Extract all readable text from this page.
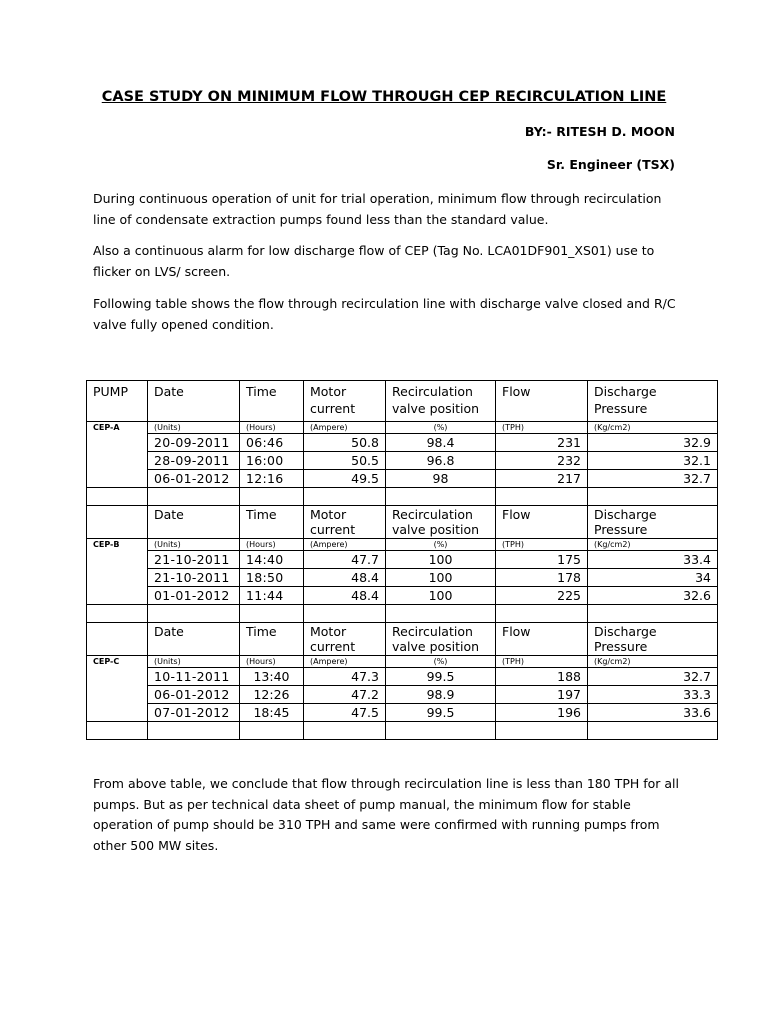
CASE STUDY ON MINIMUM FLOW THROUGH CEP RECIRCULATION LINE
BY:- RITESH D. MOON
Sr. Engineer (TSX)
During continuous operation of unit for trial operation, minimum flow through recirculation line of condensate extraction pumps found less than the standard value.
Also a continuous alarm for low discharge flow of CEP (Tag No. LCA01DF901_XS01) use to flicker on LVS/ screen.
Following table shows the flow through recirculation line with discharge valve closed and R/C valve fully opened condition.
PUMP	Date	Time	Motor current	Recirculation valve position	Flow	Discharge Pressure
CEP-A	(Units)	(Hours)	(Ampere)	(%)	(TPH)	(Kg/cm2)
	20-09-2011	06:46	50.8	98.4	231	32.9
	28-09-2011	16:00	50.5	96.8	232	32.1
	06-01-2012	12:16	49.5	98	217	32.7

	Date	Time	Motor current	Recirculation valve position	Flow	Discharge Pressure
CEP-B	(Units)	(Hours)	(Ampere)	(%)	(TPH)	(Kg/cm2)
	21-10-2011	14:40	47.7	100	175	33.4
	21-10-2011	18:50	48.4	100	178	34
	01-01-2012	11:44	48.4	100	225	32.6

	Date	Time	Motor current	Recirculation valve position	Flow	Discharge Pressure
CEP-C	(Units)	(Hours)	(Ampere)	(%)	(TPH)	(Kg/cm2)
	10-11-2011	13:40	47.3	99.5	188	32.7
	06-01-2012	12:26	47.2	98.9	197	33.3
	07-01-2012	18:45	47.5	99.5	196	33.6

From above table, we conclude that flow through recirculation line is less than 180 TPH for all pumps. But as per technical data sheet of pump manual, the minimum flow for stable operation of pump should be 310 TPH and same were confirmed with running pumps from other 500 MW sites.
